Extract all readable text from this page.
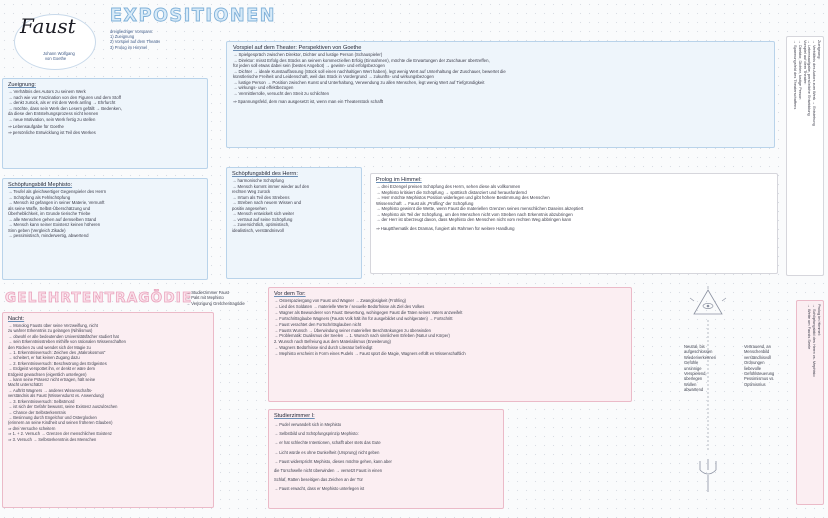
Faust
Johann Wolfgang
von Goethe
EXPOSITIONEN
dreigliedriger Vorspann:
1) Zueignung
2) Vorspiel auf dem Theater
3) Prolog im Himmel
Zueignung:
→ Verhältnis des Autors zu seinem Werk
→ nach wie vor Faszination von den Figuren und dem Stoff
→ denkt zurück, als er mit dem Werk anfing → Ehrfurcht
→ möchte, dass sein Werk den Lesern gefällt → Bedenken,
da diese den Entstehungsprozess nicht kennen
→ neue Motivation, sein Werk fertig zu stellen
⇒ Lebensaufgabe für Goethe
⇒ persönliche Entwicklung ist Teil des Werkes
Vorspiel auf dem Theater: Perspektiven von Goethe
→ Spielgespräch zwischen Direktor, Dichter und lustige Person (Schauspieler)
→ Direktor: misst Erfolg des Stücks an seinem kommerziellen Erfolg (Einnahmen), möchte die Erwartungen der Zuschauer übertreffen,
für jeden soll etwas dabei sein (bestes Angebot) → gewinn- und erfolgsbezogen
→ Dichter → ideale Kunstauffassung (Stück soll einen nachhaltigen Wert haben), legt wenig Wert auf Unterhaltung der Zuschauer, bewertet die
künstlerische Freiheit und Leidenschaft, weil das Stück in Vordergrund → zukunfts- und wirkungsbezogen
→ lustige Person → Position zwischen Kunst und Unterhaltung, Verwendung zu allen Menschen, legt wenig Wert auf Tiefgründigkeit
→ wirkungs- und effektbezogen
→ Vermittlerrolle, versucht den Streit zu schlichten
⇒ Spannungsfeld, dem man ausgesetzt ist, wenn man ein Theaterstück schafft
Schöpfungsbild Mephisto:
→ Teufel als gleichwertiger Gegenspieler des Herrn
→ Schöpfung als Fehlschöpfung
→ Mensch ist gefangen in seiner Materie, Vernunft
als seine Waffe, Selbst-Überschätzung und
Überheblichkeit, im Grunde tierische Triebe
→ alle Menschen gehen auf demselben Stand
→ Mensch kann seiner Existenz keinen höheren
Sinn geben (Vergleich Zikade)
→ pessimistisch, minderwertig, abwertend
Schöpfungsbild des Herrn:
→ harmonische Schöpfung
→ Mensch kommt immer wieder auf den
rechten Weg zurück
→ Irrtum als Teil des Strebens
→ Streben nach neuem Wissen und
positiv angesehen
→ Mensch entwickelt sich weiter
→ vertraut auf seine Schöpfung
→ zuversichtlich, optimistisch,
idealistisch, verständnisvoll
Prolog im Himmel:
→ drei Erzengel preisen Schöpfung des Herrn, sehen diese als vollkommen
→ Mephisto kritisiert die Schöpfung → spöttisch distanziert und herausfordernd
→ Herr möchte Mephistos Position widerlegen und gibt höhere Bestimmung des Menschen
Wissenschaft → Faust als „Prüfling“ der Schöpfung
→ Mephisto gewinnt die Wette, wenn Faust die materiellen Grenzen seines menschlichen Daseins akzeptiert
→ Mephisto als Teil der Schöpfung, um den Menschen nicht vom Streben nach Erkenntnis abzubringen
→ der Herr ist überzeugt davon, dass Mephisto den Menschen nicht vom rechten Weg abbringen kann
⇒ Hauptthematik des Dramas, fungiert als Rahmen für weitere Handlung
GELEHRTENTRAGÖDIE
→ Studierzimmer Faust
→ Pakt mit Mephisto
→ Verjüngung Gretchentragödie
Nacht:
→ Monolog Fausts über seine Verzweiflung, nicht
zu wahrer Erkenntnis zu gelangen (Nihilismus)
→ obwohl er alle bedeutenden Universitätsfächer studiert hat
→ sein Erkenntnisstreben mithilfe von rationalen Wissenschaften
den Rücken zu und wendet sich der Magie zu
→ 1. Erkenntnisversuch: Zeichen des „Makrokosmos“
→ scheitert, er hat keinen Zugang dazu
→ 2. Erkenntnisversuch: Beschwörung des Erdgeistes
→ Erdgeist verspottet ihn, er denkt er wäre dem
Erdgeist gewachsen (eigentlich unterlegen)
→ kann seine Präsenz nicht ertragen, hält seine
Macht unterschätzt
→ Auftritt Wagners → anderes Wissenschafts-
verständnis als Faust (Wissensdurst vs. Anwendung)
→ 3. Erkenntnisversuch: Selbstmord
→ ist sich der Gefahr bewusst, seine Existenz auszulöschen
→ Chance der Selbsterkenntnis
→ Besinnung durch Engelchor und Osterglocken
(erinnern an seine Kindheit und seinen früheren Glauben)
⇒ drei Versuche scheitern
⇒ 1. + 2. Versuch → Grenzen der menschlichen Existenz
⇒ 3. Versuch → Selbsterkenntnis des Menschen
Vor dem Tor:
→ Osterspaziergang von Faust und Wagner → Zwanglosigkeit (Frühling)
→ Lied des Soldaten → materielle Werte / sexuelle Bedürfnisse als Ziel des Volkes
→ Wagner als Bewunderer von Faust: Bewertung, wohingegen Faust die Taten seines Vaters anzweifelt
→ Fortschrittsglaube Wagners (Fausts Volk hält ihn für ausgebildet und wohlgeraten) → Fortschritt
→ Faust verachtet den Fortschrittsglauben nicht
→ Fausts Wunsch → Überwindung seiner materiellen Beschränkungen zu überwinden
→ Problematik: Dualismus der Seelen → 1. Wunsch nach sinnlichem Erleben (Natur und Körper)
2. Wunsch nach Befreiung aus dem Materialismus (Erweiterung)
→ Wagners Bedürfnisse sind durch Literatur befriedigt
→ Mephisto erscheint in Form eines Pudels → Faust spürt die Magie, Wagners erfüllt es Wissenschaftlich
Studierzimmer I:
→ Pudel verwandelt sich in Mephisto
→ Selbstbild und Schöpfungsprinzip Mephisto:
→ er hat schlechte Intentionen, schafft aber stets das Gute
→ Licht würde es ohne Dunkelheit (Ursprung) nicht geben
→ Faust widerspricht Mephisto, dieses möchte gehen, kann aber
die Türschwelle nicht überwinden → versetzt Faust in einen
Schlaf, Ratten beseitigen das Zeichen an der Tür
→ Faust erwacht, dass er Mephisto unterlegen ist
Neutral, bis
aufgeschlossen
Wiederverkennen
Gefühle
unsinnige
Verspielend,
überlegen
Wollen
abwartend
Vertrauend, an
Menschenbild
verständnisvoll
Ordnungen
liebevolle
Gefühlsteuerung
Pessimismus vs.
Optimismus
Zueignung:
→ Verhältnis des Autors zum Werk → Entstehung
→ Lebensaufgabe, persönliche Entwicklung
Vorspiel auf dem Theater:
→ Direktor, Dichter, lustige Person
→ Spannungsfeld des Theaterschaffens
Prolog im Himmel:
→ Schöpfungsbild des Herrn vs. Mephisto
→ Wette um Fausts Seele
